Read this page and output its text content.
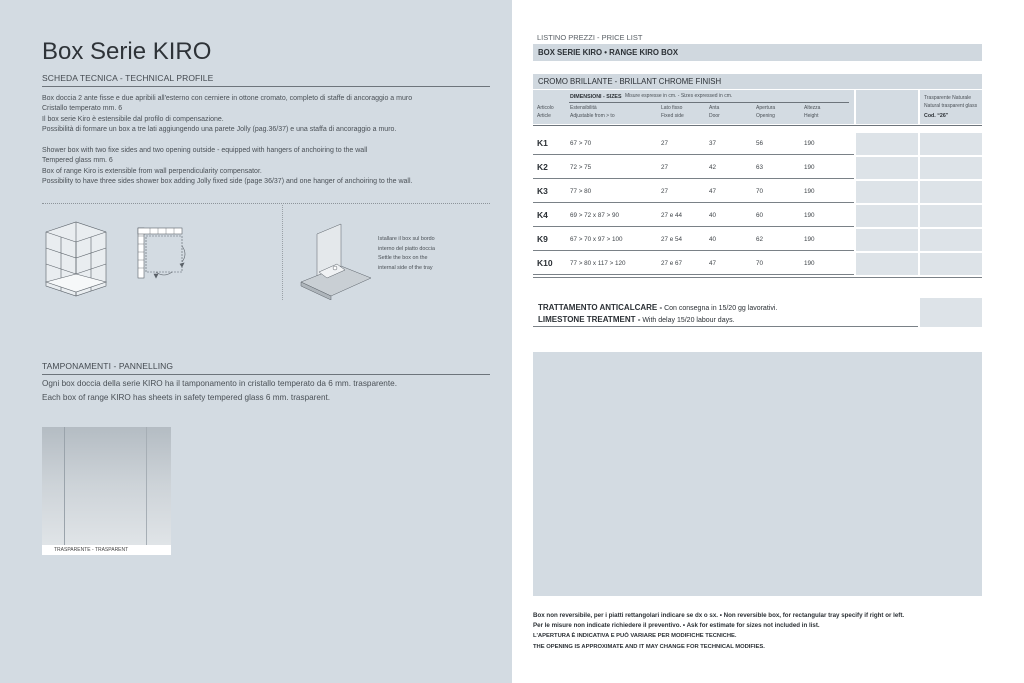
Box Serie KIRO
SCHEDA TECNICA - TECHNICAL PROFILE

Box doccia 2 ante fisse e due apribili all'esterno con cerniere in ottone cromato, completo di staffe di ancoraggio a muro

Cristallo temperato mm. 6

Il box serie Kiro è estensibile dal profilo di compensazione.

Possibilità di formare un box a tre lati aggiungendo una parete Jolly (pag.36/37) e una staffa di ancoraggio a muro.

Shower box with two fixe sides and two opening outside - equipped with hangers of anchoiring to the wall

Tempered glass mm. 6

Box of range Kiro is extensible from wall perpendicularity compensator.

Possibility to have three sides shower box adding Jolly fixed side (page 36/37) and one hanger of anchoiring to the wall.

Istallare il box sul bordo
interno del piatto doccia
Settle the box on the
internal side of the tray
TAMPONAMENTI - PANNELLING

Ogni box doccia della serie KIRO ha il tamponamento in cristallo temperato da 6 mm. trasparente.

Each box of range KIRO has sheets in safety tempered glass 6 mm. trasparent.

TRASPARENTE - TRASPARENT
LISTINO PREZZI - PRICE LIST
BOX SERIE KIRO • RANGE KIRO BOX
CROMO BRILLANTE - BRILLANT CHROME FINISH
DIMENSIONI - SIZES Misure espresse in cm. - Sizes expressed in cm.
Articolo
Article
Estensibilità
Adjustable from > to
Lato fisso
Fixed side
Anta
Door
Apertura
Opening
Altezza
Height
Trasparente Naturale
Natural trasparent glass
Cod. “26”
K1	67 > 70	27	37	56	190
K2	72 > 75	27	42	63	190
K3	77 > 80	27	47	70	190
K4	69 > 72 x 87 > 90	27 e 44	40	60	190
K9	67 > 70 x 97 > 100	27 e 54	40	62	190
K10	77 > 80 x 117 > 120	27 e 67	47	70	190
TRATTAMENTO ANTICALCARE - Con consegna in 15/20 gg lavorativi.
LIMESTONE TREATMENT - With delay 15/20 labour days.
Box non reversibile, per i piatti rettangolari indicare se dx o sx. • Non reversible box, for rectangular tray specify if right or left.
Per le misure non indicate richiedere il preventivo. • Ask for estimate for sizes not included in list.
L'APERTURA È INDICATIVA E PUÒ VARIARE PER MODIFICHE TECNICHE.
THE OPENING IS APPROXIMATE AND IT MAY CHANGE FOR TECHNICAL MODIFIES.
